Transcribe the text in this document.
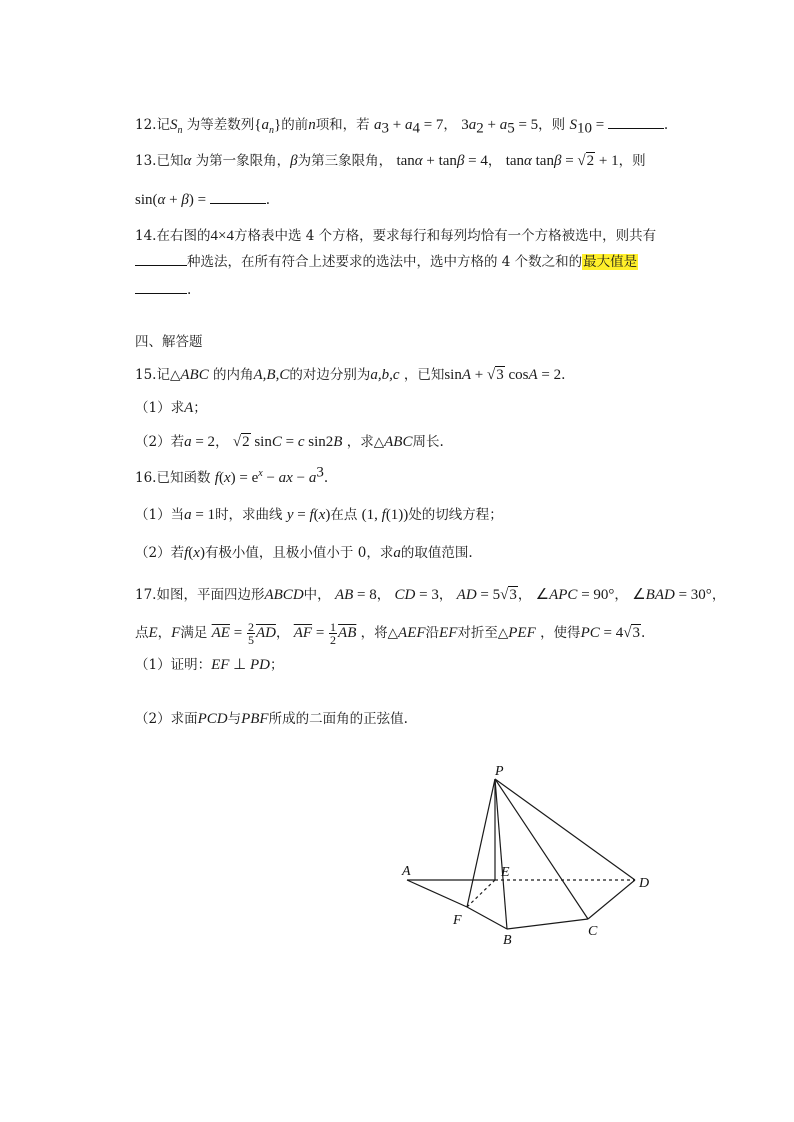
12.记$S_n$ 为等差数列$\{a_n\}$的前n项和，若 $a_3 + a_4 = 7$， $3a_2 + a_5 = 5$，则 $S_{10}$ =	.
13.已知α 为第一象限角，β为第三象限角， tanα + tanβ = 4， tanα tanβ = √2 + 1，则
sin(α + β) =	.
14.在右图的4×4方格表中选 4 个方格，要求每行和每列均恰有一个方格被选中，则共有
种选法，在所有符合上述要求的选法中，选中方格的 4 个数之和的最大值是
.
四、解答题
15.记△ABC 的内角A,B,C的对边分别为a,b,c ，已知sinA + √3 cosA = 2.
（1）求A；
（2）若a = 2， √2 sinC = c sin2B ，求△ABC周长.
16.已知函数 $f(x) = e^x$ − ax − $a^3$.
（1）当a = 1时，求曲线 y = f(x)在点 (1, f(1))处的切线方程；
（2）若f(x)有极小值，且极小值小于 0，求a的取值范围.
17.如图，平面四边形ABCD中， AB = 8， CD = 3， AD = 5√3， ∠APC = 90°， ∠BAD = 30°，
点E，F满足 $\overline{AE} = \frac{2}{5} \overline{AD}$， $\overline{AF} = \frac{1}{2} \overline{AB}$ ，将△AEF沿EF对折至△PEF ，使得PC = 4√3.
（1）证明：EF ⊥ PD；
（2）求面PCD与PBF所成的二面角的正弦值.
P
A	E
D
F
B
C
